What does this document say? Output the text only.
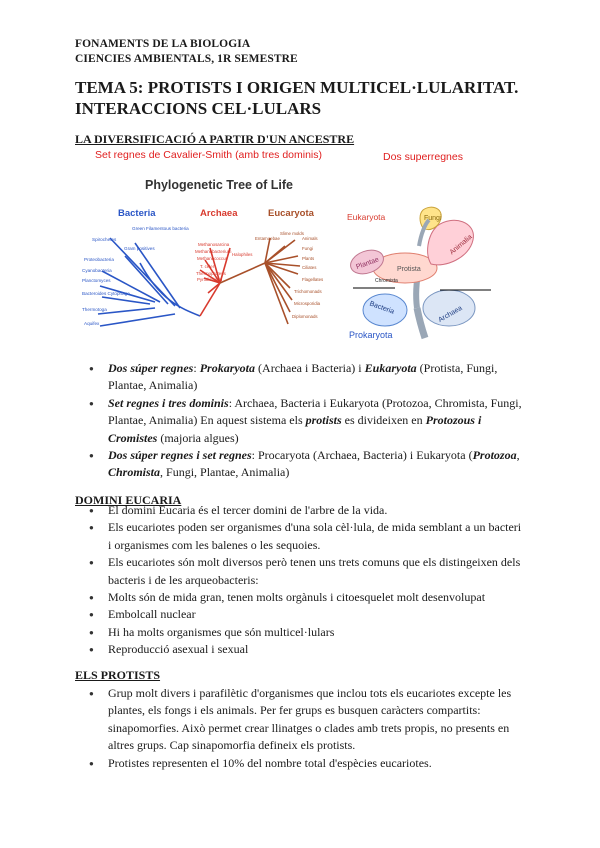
FONAMENTS DE LA BIOLOGIA
CIENCIES AMBIENTALS, 1R SEMESTRE
TEMA 5: PROTISTS I ORIGEN MULTICEL·LULARITAT.
INTERACCIONS CEL·LULARS
LA DIVERSIFICACIÓ A PARTIR D'UN ANCESTRE
Set regnes de Cavalier-Smith (amb tres dominis)	Dos superregnes
Phylogenetic Tree of Life
Bacteria	Archaea	Eucaryota
Green Filamentous bacteria
Spirochetes
Gram positives
Proteobacteria
Cyanobacteria
Planctomyces
Bacteroides Cytophaga
Thermotoga
Aquifex
Methanosarcina
Methanobacterium
Methanococcus
T. celer
Thermoproteus
Pyrodicticum
Halophiles
Entamoebae
Slime molds
Animals
Fungi
Plants
Ciliates
Flagellates
Trichomonads
Microsporidia
Diplomonads
Eukaryota	Fungi
Animalia
Plantae Protista
Chromista
Bacteria	Archaea
Prokaryota
● Dos súper regnes: Prokaryota (Archaea i Bacteria) i Eukaryota (Protista, Fungi, Plantae, Animalia)
● Set regnes i tres dominis: Archaea, Bacteria i Eukaryota (Protozoa, Chromista, Fungi, Plantae, Animalia) En aquest sistema els protists es divideixen en Protozous i Cromistes (majoria algues)
● Dos súper regnes i set regnes: Procaryota (Archaea, Bacteria) i Eukaryota (Protozoa, Chromista, Fungi, Plantae, Animalia)
DOMINI EUCARIA
● El domini Eucaria és el tercer domini de l'arbre de la vida.
● Els eucariotes poden ser organismes d'una sola cèl·lula, de mida semblant a un bacteri i organismes com les balenes o les sequoies.
● Els eucariotes són molt diversos però tenen uns trets comuns que els distingeixen dels bacteris i de les arqueobacteris:
● Molts són de mida gran, tenen molts orgànuls i citoesquelet molt desenvolupat
● Embolcall nuclear
● Hi ha molts organismes que són multicel·lulars
● Reproducció asexual i sexual
ELS PROTISTS
● Grup molt divers i parafilètic d'organismes que inclou tots els eucariotes excepte les plantes, els fongs i els animals. Per fer grups es busquen caràcters compartits: sinapomorfies. Això permet crear llinatges o clades amb trets propis, no presents en altres grups. Cap sinapomorfia defineix els protists.
● Protistes representen el 10% del nombre total d'espècies eucariotes.
